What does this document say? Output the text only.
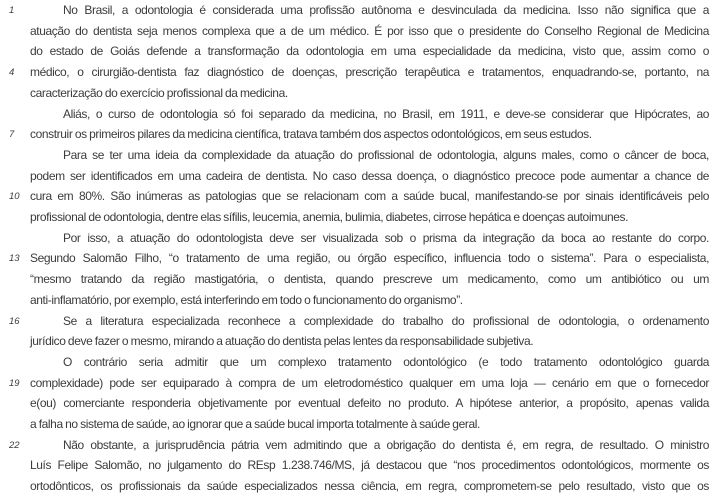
1	No Brasil, a odontologia é considerada uma profissão autônoma e desvinculada da medicina. Isso não significa que a
atuação do dentista seja menos complexa que a de um médico. É por isso que o presidente do Conselho Regional de Medicina
do estado de Goiás defende a transformação da odontologia em uma especialidade da medicina, visto que, assim como o
4	médico, o cirurgião-dentista faz diagnóstico de doenças, prescrição terapêutica e tratamentos, enquadrando-se, portanto, na
caracterização do exercício profissional da medicina.
Aliás, o curso de odontologia só foi separado da medicina, no Brasil, em 1911, e deve-se considerar que Hipócrates, ao
7	construir os primeiros pilares da medicina científica, tratava também dos aspectos odontológicos, em seus estudos.
Para se ter uma ideia da complexidade da atuação do profissional de odontologia, alguns males, como o câncer de boca,
podem ser identificados em uma cadeira de dentista. No caso dessa doença, o diagnóstico precoce pode aumentar a chance de
10 cura em 80%. São inúmeras as patologias que se relacionam com a saúde bucal, manifestando-se por sinais identificáveis pelo
profissional de odontologia, dentre elas sífilis, leucemia, anemia, bulimia, diabetes, cirrose hepática e doenças autoimunes.
Por isso, a atuação do odontologista deve ser visualizada sob o prisma da integração da boca ao restante do corpo.
13 Segundo Salomão Filho, “o tratamento de uma região, ou órgão específico, influencia todo o sistema”. Para o especialista,
“mesmo tratando da região mastigatória, o dentista, quando prescreve um medicamento, como um antibiótico ou um
anti-inflamatório, por exemplo, está interferindo em todo o funcionamento do organismo”.
16	Se a literatura especializada reconhece a complexidade do trabalho do profissional de odontologia, o ordenamento
jurídico deve fazer o mesmo, mirando a atuação do dentista pelas lentes da responsabilidade subjetiva.
O contrário seria admitir que um complexo tratamento odontológico (e todo tratamento odontológico guarda
19 complexidade) pode ser equiparado à compra de um eletrodoméstico qualquer em uma loja — cenário em que o fornecedor
e(ou) comerciante responderia objetivamente por eventual defeito no produto. A hipótese anterior, a propósito, apenas valida
a falha no sistema de saúde, ao ignorar que a saúde bucal importa totalmente à saúde geral.
22	Não obstante, a jurisprudência pátria vem admitindo que a obrigação do dentista é, em regra, de resultado. O ministro
Luís Felipe Salomão, no julgamento do REsp 1.238.746/MS, já destacou que “nos procedimentos odontológicos, mormente os
ortodônticos, os profissionais da saúde especializados nessa ciência, em regra, comprometem-se pelo resultado, visto que os
